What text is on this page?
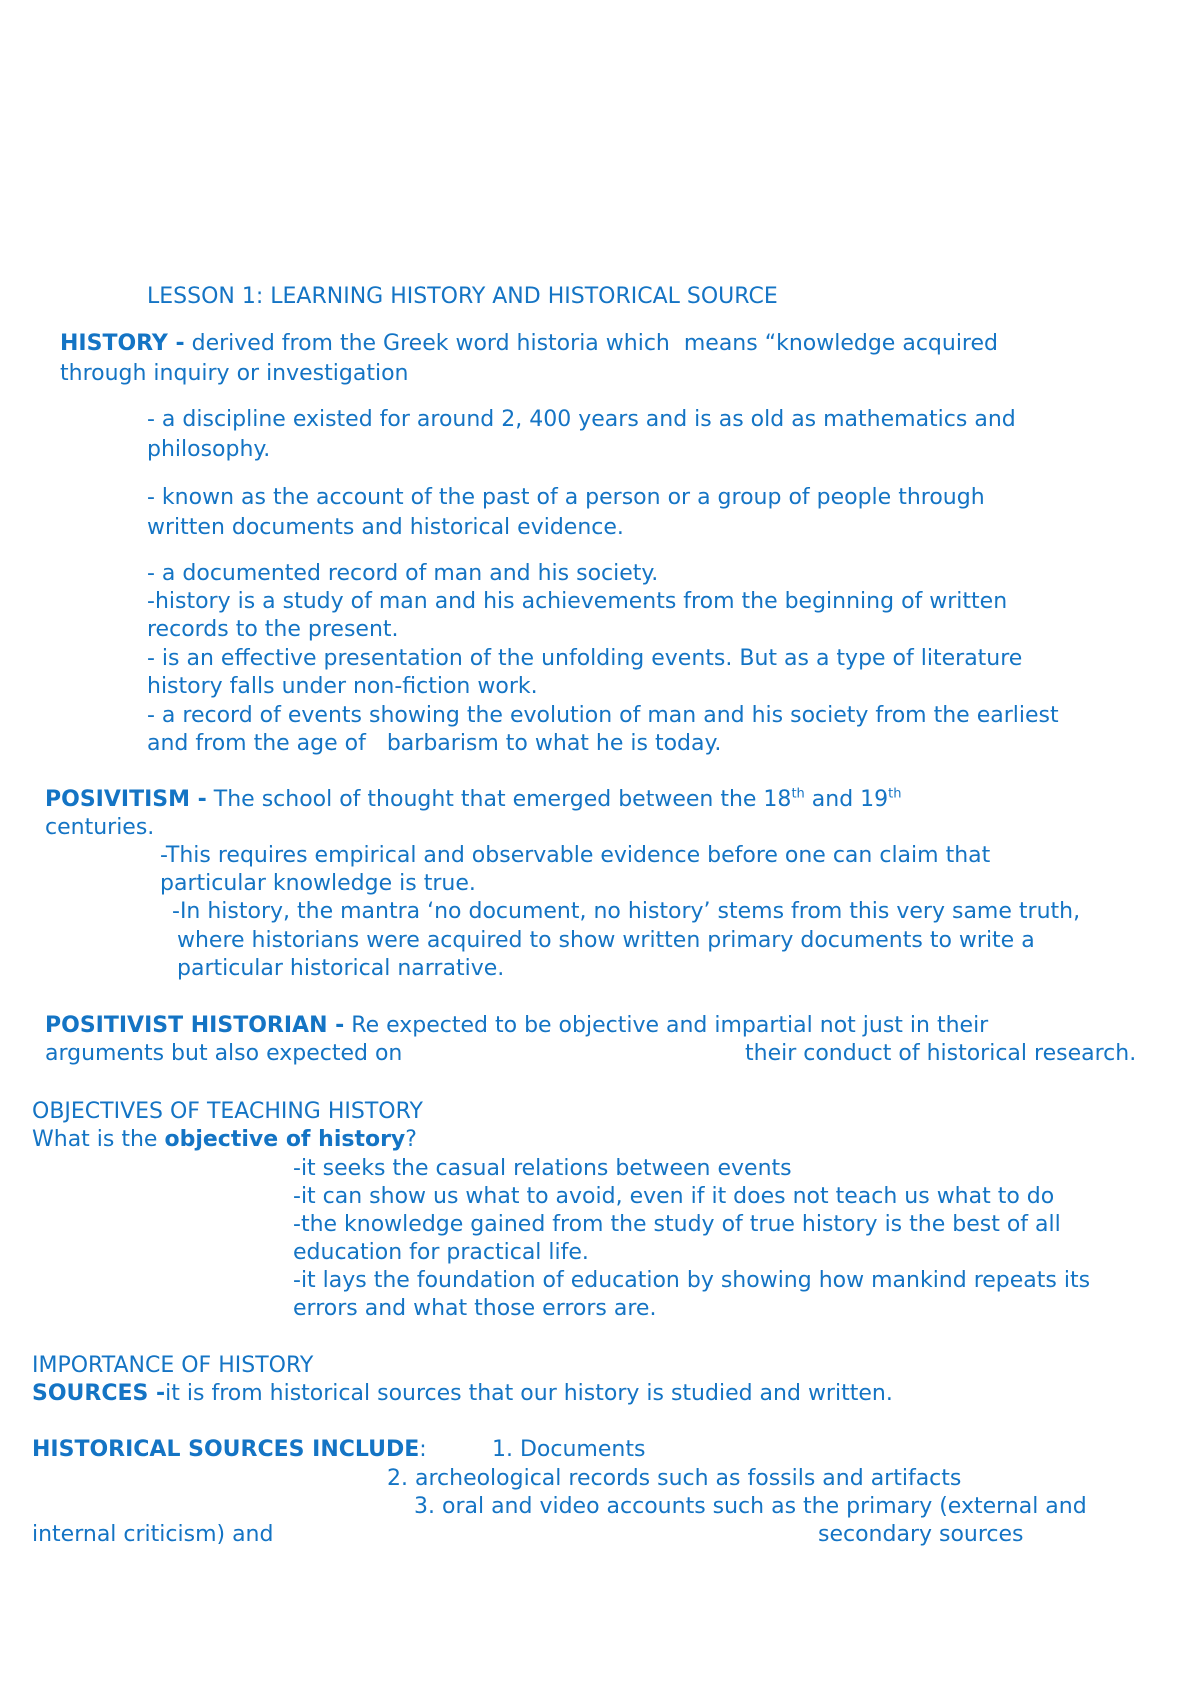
LESSON 1: LEARNING HISTORY AND HISTORICAL SOURCE
HISTORY - derived from the Greek word historia which  means “knowledge acquired
through inquiry or investigation
- a discipline existed for around 2, 400 years and is as old as mathematics and
philosophy.
- known as the account of the past of a person or a group of people through
written documents and historical evidence.
- a documented record of man and his society.
-history is a study of man and his achievements from the beginning of written
records to the present.
- is an effective presentation of the unfolding events. But as a type of literature
history falls under non-fiction work.
- a record of events showing the evolution of man and his society from the earliest
and from the age of   barbarism to what he is today.
POSIVITISM - The school of thought that emerged between the 18th and 19th
centuries.
-This requires empirical and observable evidence before one can claim that
particular knowledge is true.
-In history, the mantra ‘no document, no history’ stems from this very same truth,
where historians were acquired to show written primary documents to write a
particular historical narrative.
POSITIVIST HISTORIAN - Re expected to be objective and impartial not just in their
arguments but also expected on	their conduct of historical research.
OBJECTIVES OF TEACHING HISTORY
What is the objective of history?
-it seeks the casual relations between events
-it can show us what to avoid, even if it does not teach us what to do
-the knowledge gained from the study of true history is the best of all
education for practical life.
-it lays the foundation of education by showing how mankind repeats its
errors and what those errors are.
IMPORTANCE OF HISTORY
SOURCES -it is from historical sources that our history is studied and written.
HISTORICAL SOURCES INCLUDE:	1. Documents
2. archeological records such as fossils and artifacts
3. oral and video accounts such as the primary (external and
internal criticism) and	secondary sources
